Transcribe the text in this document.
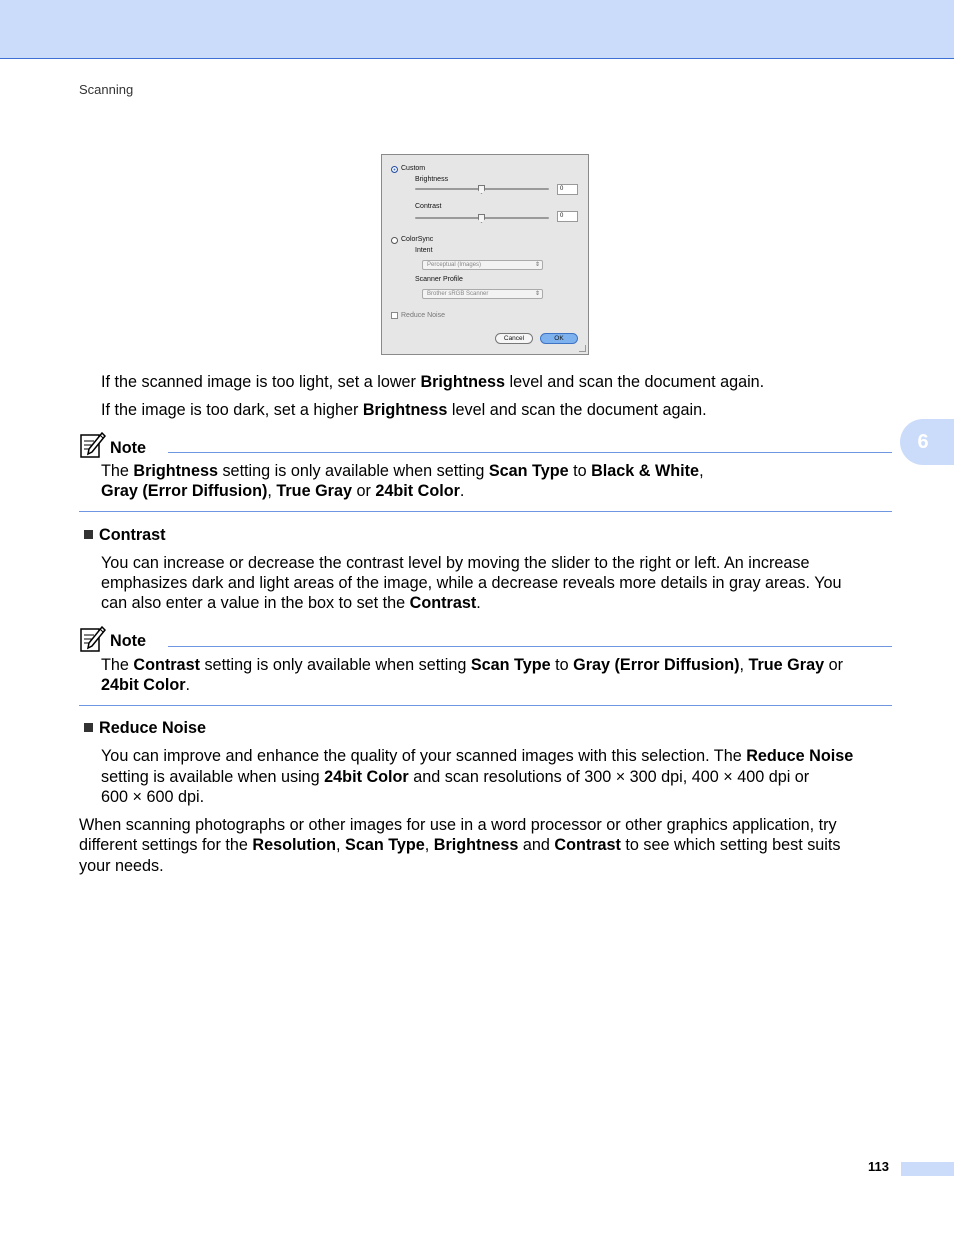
Scanning
Custom
Brightness
0
Contrast
0
ColorSync
Intent
Perceptual (Images)	⇕
Scanner Profile
Brother sRGB Scanner	⇕
Reduce Noise
Cancel	OK
If the scanned image is too light, set a lower Brightness level and scan the document again.
If the image is too dark, set a higher Brightness level and scan the document again.
Note
The Brightness setting is only available when setting Scan Type to Black & White,
Gray (Error Diffusion), True Gray or 24bit Color.
Contrast
You can increase or decrease the contrast level by moving the slider to the right or left. An increase
emphasizes dark and light areas of the image, while a decrease reveals more details in gray areas. You
can also enter a value in the box to set the Contrast.
Note
The Contrast setting is only available when setting Scan Type to Gray (Error Diffusion), True Gray or
24bit Color.
Reduce Noise
You can improve and enhance the quality of your scanned images with this selection. The Reduce Noise
setting is available when using 24bit Color and scan resolutions of 300 × 300 dpi, 400 × 400 dpi or
600 × 600 dpi.
When scanning photographs or other images for use in a word processor or other graphics application, try
different settings for the Resolution, Scan Type, Brightness and Contrast to see which setting best suits
your needs.
6
113
